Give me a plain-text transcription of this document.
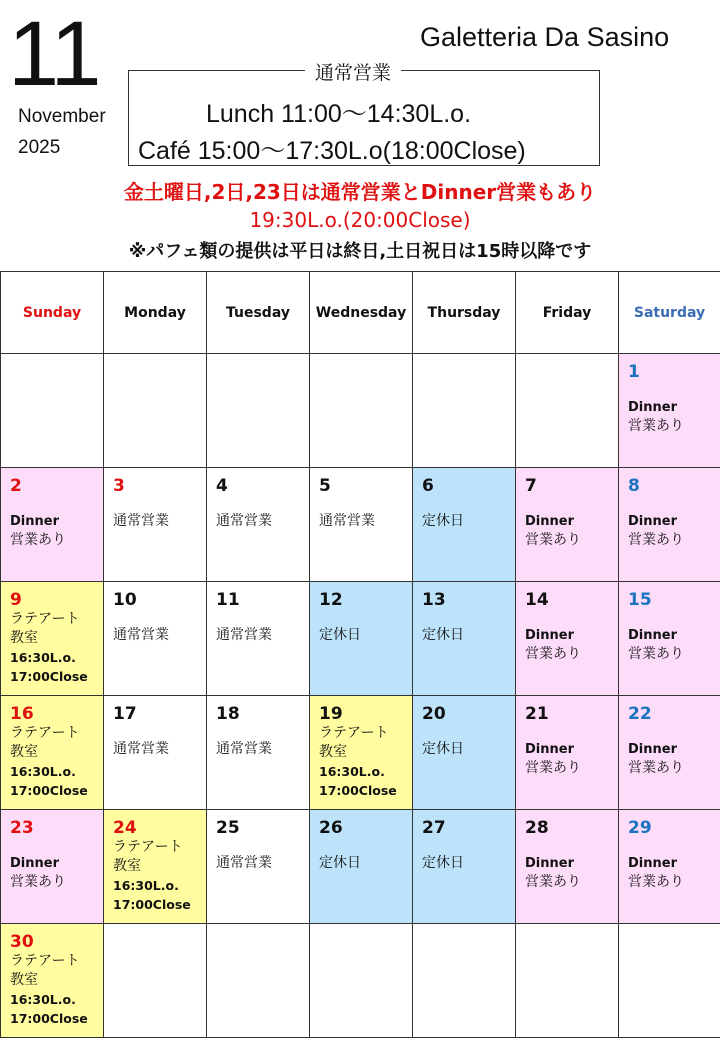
11
November
2025
Galetteria Da Sasino
通常営業
Lunch 11:00～14:30L.o.
Café 15:00～17:30L.o(18:00Close)
金土曜日,2日,23日は通常営業とDinner営業もあり
19:30L.o.(20:00Close)
※パフェ類の提供は平日は終日,土日祝日は15時以降です
Sunday	Monday	Tuesday	Wednesday	Thursday	Friday	Saturday

						1
Dinner
営業あり

2
Dinner
営業あり	3
通常営業	4
通常営業	5
通常営業	6
定休日	7
Dinner
営業あり	8
Dinner
営業あり

9
ラテアート
教室
16:30L.o.
17:00Close	10
通常営業	11
通常営業	12
定休日	13
定休日	14
Dinner
営業あり	15
Dinner
営業あり

16
ラテアート
教室
16:30L.o.
17:00Close	17
通常営業	18
通常営業	19
ラテアート
教室
16:30L.o.
17:00Close	20
定休日	21
Dinner
営業あり	22
Dinner
営業あり

23
Dinner
営業あり	24
ラテアート
教室
16:30L.o.
17:00Close	25
通常営業	26
定休日	27
定休日	28
Dinner
営業あり	29
Dinner
営業あり

30
ラテアート
教室
16:30L.o.
17:00Close						
